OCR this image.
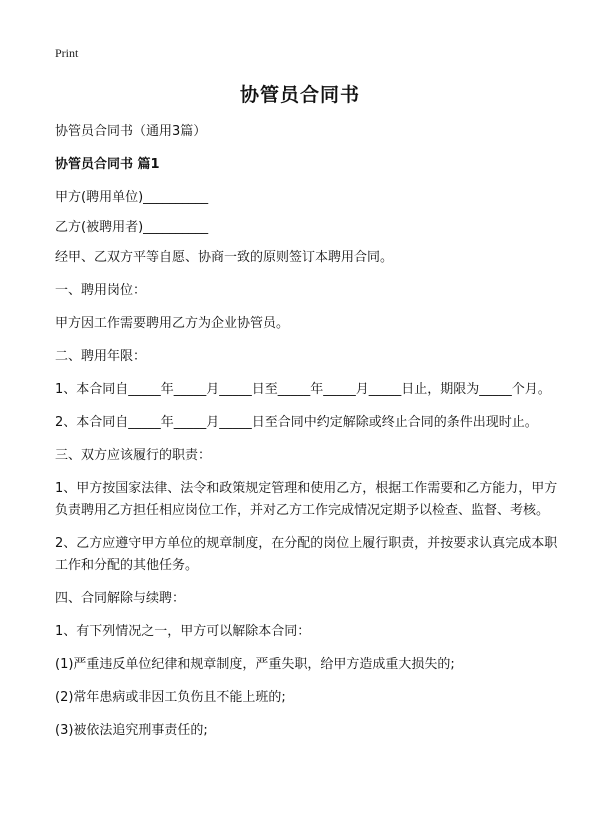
Print
协管员合同书

协管员合同书（通用3篇）

协管员合同书 篇1

甲方(聘用单位)__________

乙方(被聘用者)__________

经甲、乙双方平等自愿、协商一致的原则签订本聘用合同。

一、聘用岗位：

甲方因工作需要聘用乙方为企业协管员。

二、聘用年限：

1、本合同自_____年_____月_____日至_____年_____月_____日止，期限为_____个月。

2、本合同自_____年_____月_____日至合同中约定解除或终止合同的条件出现时止。

三、双方应该履行的职责：

1、甲方按国家法律、法令和政策规定管理和使用乙方，根据工作需要和乙方能力，甲方负责聘用乙方担任相应岗位工作，并对乙方工作完成情况定期予以检查、监督、考核。

2、乙方应遵守甲方单位的规章制度，在分配的岗位上履行职责，并按要求认真完成本职工作和分配的其他任务。

四、合同解除与续聘：

1、有下列情况之一，甲方可以解除本合同：

(1)严重违反单位纪律和规章制度，严重失职，给甲方造成重大损失的;

(2)常年患病或非因工负伤且不能上班的;

(3)被依法追究刑事责任的;
